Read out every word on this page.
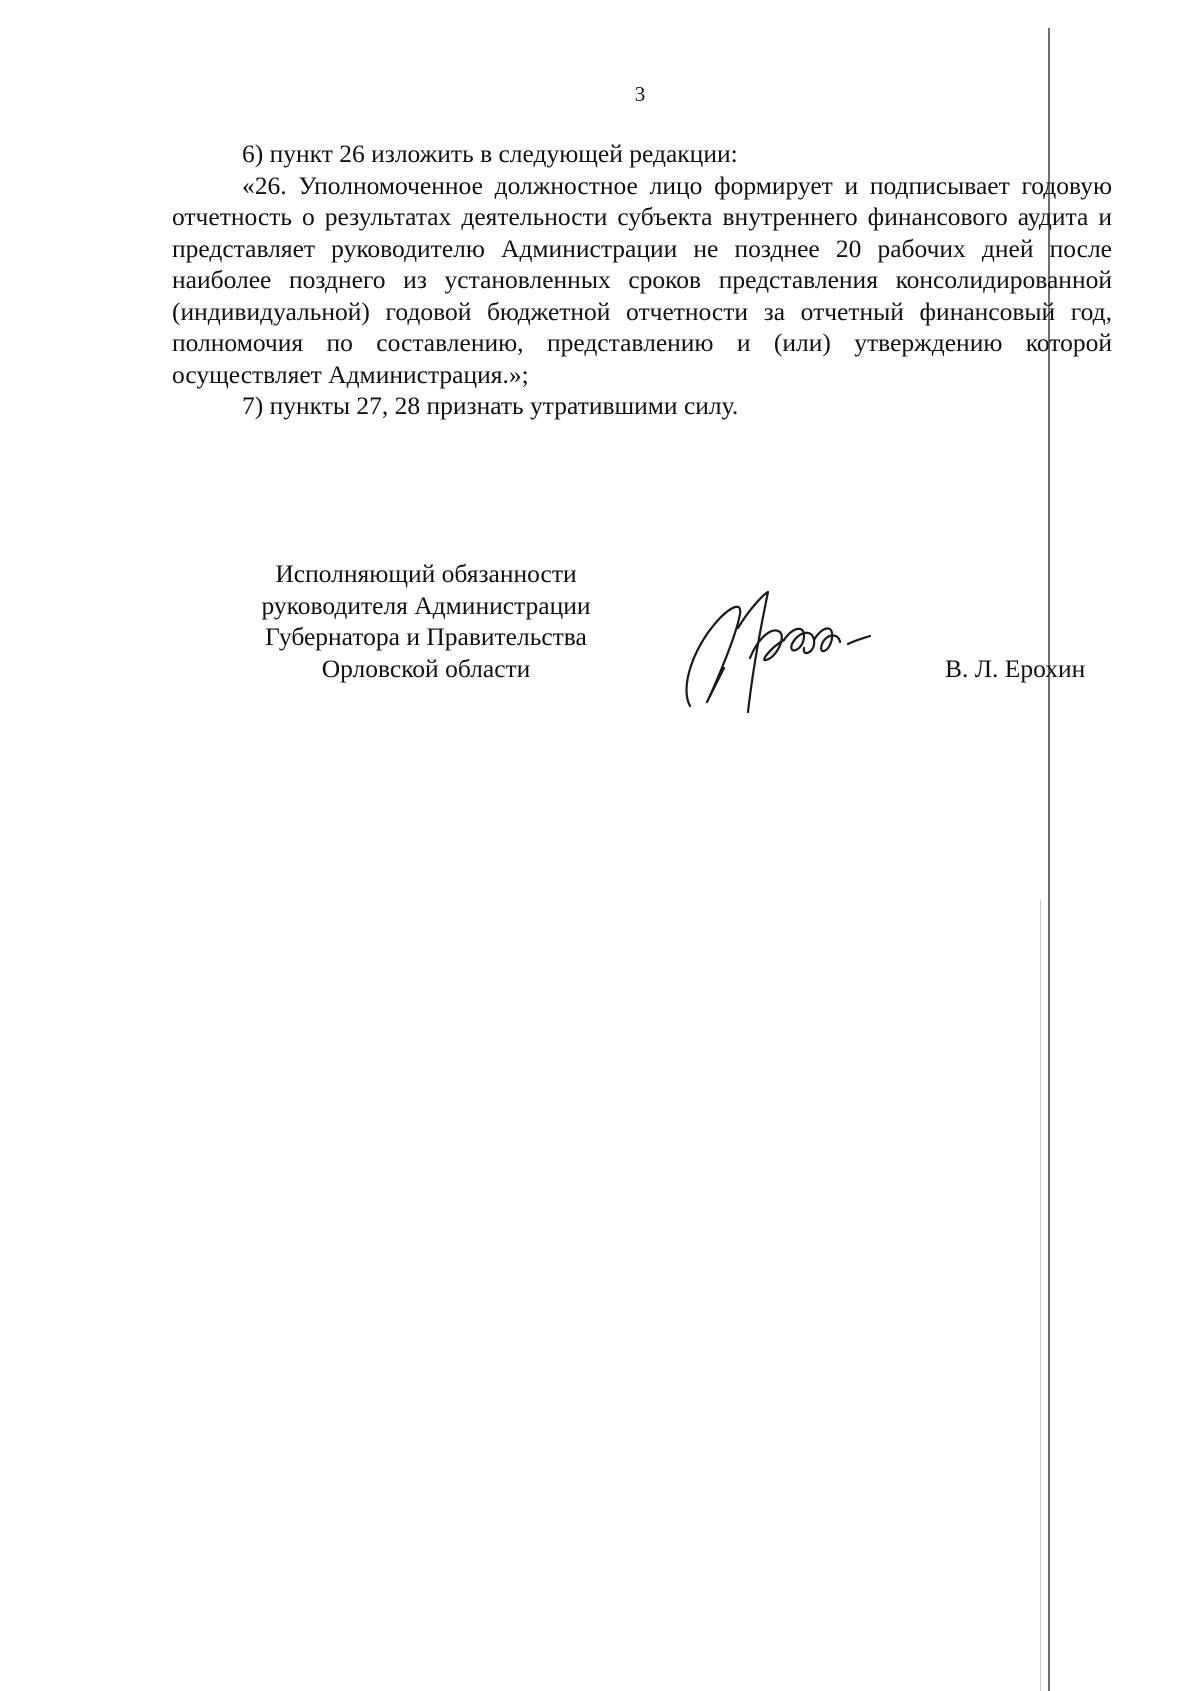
3

6) пункт 26 изложить в следующей редакции:

«26. Уполномоченное должностное лицо формирует и подписывает годовую отчетность о результатах деятельности субъекта внутреннего финансового аудита и представляет руководителю Администрации не позднее 20 рабочих дней после наиболее позднего из установленных сроков представления консолидированной (индивидуальной) годовой бюджетной отчетности за отчетный финансовый год, полномочия по составлению, представлению и (или) утверждению которой осуществляет Администрация.»;

7) пункты 27, 28 признать утратившими силу.

Исполняющий обязанности
руководителя Администрации
Губернатора и Правительства
Орловской области	В. Л. Ерохин
